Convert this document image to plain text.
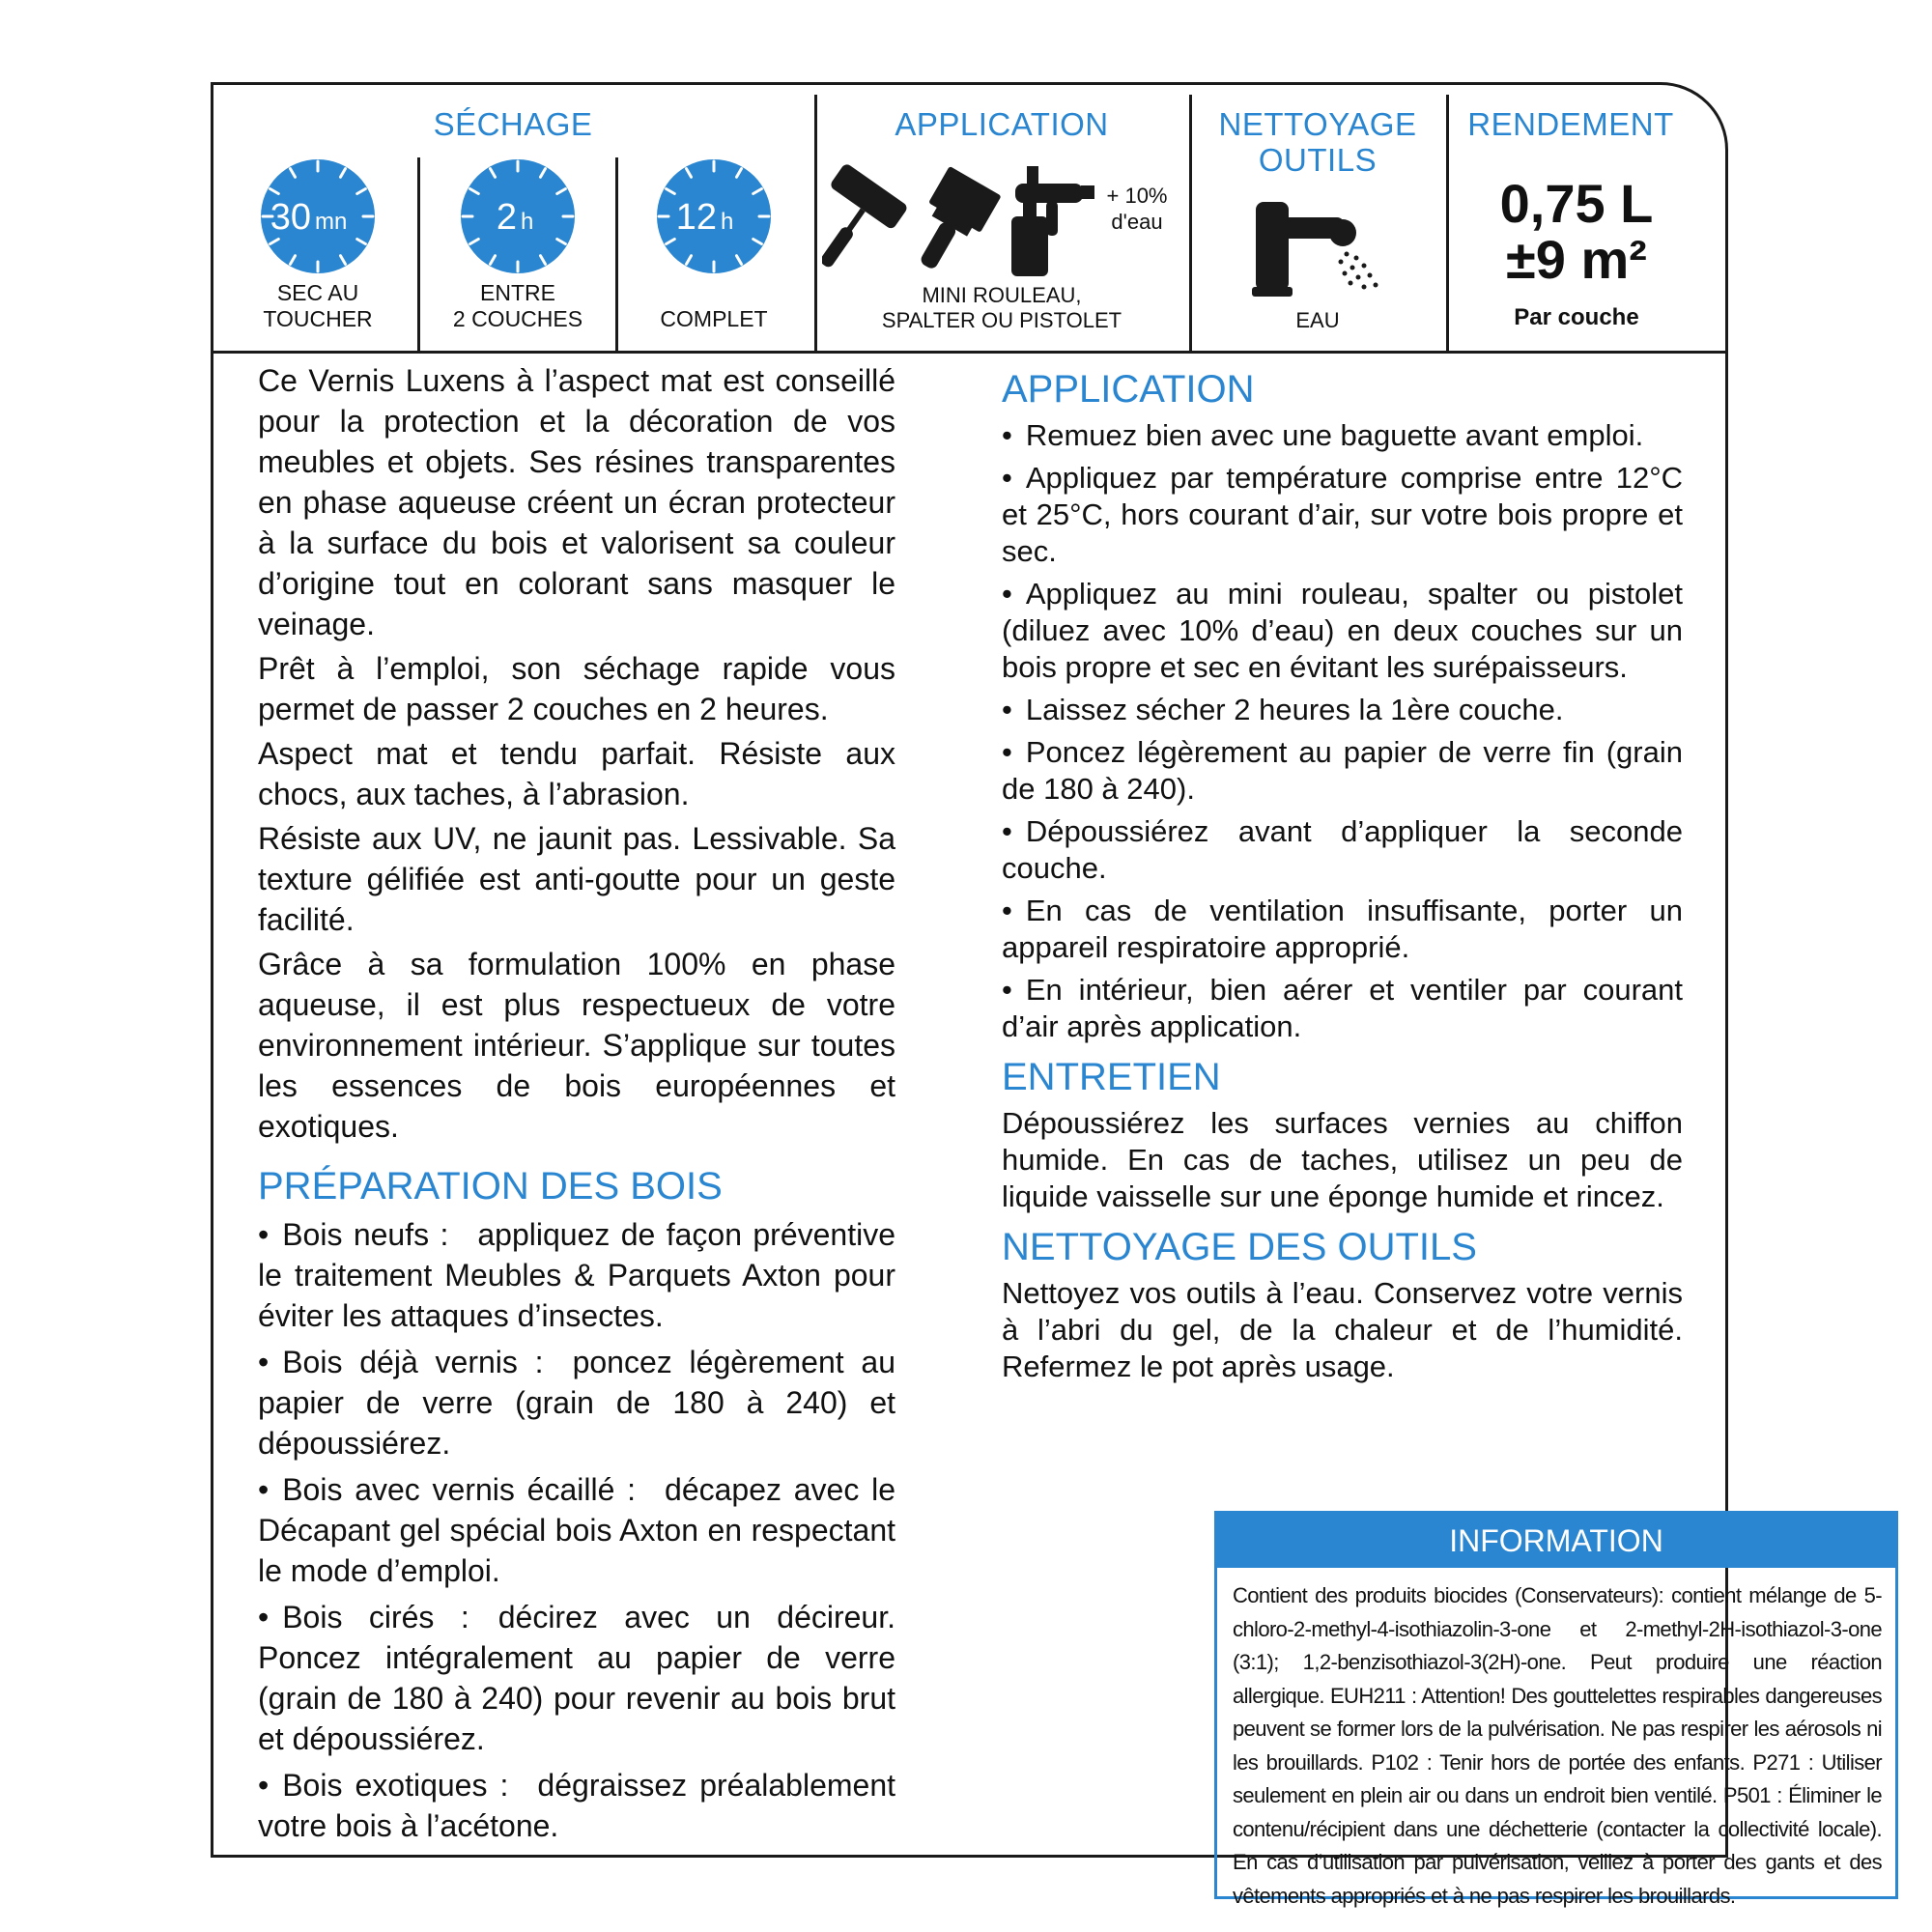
SÉCHAGE
30 mn
SEC AU
TOUCHER
2 h
ENTRE
2 COUCHES
12 h
COMPLET
APPLICATION
+ 10%
d'eau
MINI ROULEAU,
SPALTER OU PISTOLET
NETTOYAGE
OUTILS
EAU
RENDEMENT
0,75 L
±9 m²
Par couche

Ce Vernis Luxens à l’aspect mat est conseillé pour la protection et la décoration de vos meubles et objets. Ses résines transparentes en phase aqueuse créent un écran protecteur à la surface du bois et valorisent sa couleur d’origine tout en colorant sans masquer le veinage.

Prêt à l’emploi, son séchage rapide vous permet de passer 2 couches en 2 heures.

Aspect mat et tendu parfait. Résiste aux chocs, aux taches, à l’abrasion.

Résiste aux UV, ne jaunit pas. Lessivable. Sa texture gélifiée est anti-goutte pour un geste facilité.

Grâce à sa formulation 100% en phase aqueuse, il est plus respectueux de votre environnement intérieur. S’applique sur toutes les essences de bois européennes et exotiques.

PRÉPARATION DES BOIS
• Bois neufs : appliquez de façon préventive le traitement Meubles & Parquets Axton pour éviter les attaques d’insectes.
• Bois déjà vernis : poncez légèrement au papier de verre (grain de 180 à 240) et dépoussiérez.
• Bois avec vernis écaillé : décapez avec le Décapant gel spécial bois Axton en respectant le mode d’emploi.
• Bois cirés : décirez avec un décireur. Poncez intégralement au papier de verre (grain de 180 à 240) pour revenir au bois brut et dépoussiérez.
• Bois exotiques : dégraissez préalablement votre bois à l’acétone.
APPLICATION
• Remuez bien avec une baguette avant emploi.
• Appliquez par température comprise entre 12°C et 25°C, hors courant d’air, sur votre bois propre et sec.
• Appliquez au mini rouleau, spalter ou pistolet (diluez avec 10% d’eau) en deux couches sur un bois propre et sec en évitant les surépaisseurs.
• Laissez sécher 2 heures la 1ère couche.
• Poncez légèrement au papier de verre fin (grain de 180 à 240).
• Dépoussiérez avant d’appliquer la seconde couche.
• En cas de ventilation insuffisante, porter un appareil respiratoire approprié.
• En intérieur, bien aérer et ventiler par courant d’air après application.
ENTRETIEN

Dépoussiérez les surfaces vernies au chiffon humide. En cas de taches, utilisez un peu de liquide vaisselle sur une éponge humide et rincez.

NETTOYAGE DES OUTILS

Nettoyez vos outils à l’eau. Conservez votre vernis à l’abri du gel, de la chaleur et de l’humidité. Refermez le pot après usage.

INFORMATION
Contient des produits biocides (Conservateurs): contient mélange de 5-chloro-2-methyl-4-isothiazolin-3-one et 2-methyl-2H-isothiazol-3-one (3:1); 1,2-benzisothiazol-3(2H)-one. Peut produire une réaction allergique. EUH211 : Attention! Des gouttelettes respirables dangereuses peuvent se former lors de la pulvérisation. Ne pas respirer les aérosols ni les brouillards. P102 : Tenir hors de portée des enfants. P271 : Utiliser seulement en plein air ou dans un endroit bien ventilé. P501 : Éliminer le contenu/récipient dans une déchetterie (contacter la collectivité locale). En cas d’utilisation par pulvérisation, veillez à porter des gants et des vêtements appropriés et à ne pas respirer les brouillards.
